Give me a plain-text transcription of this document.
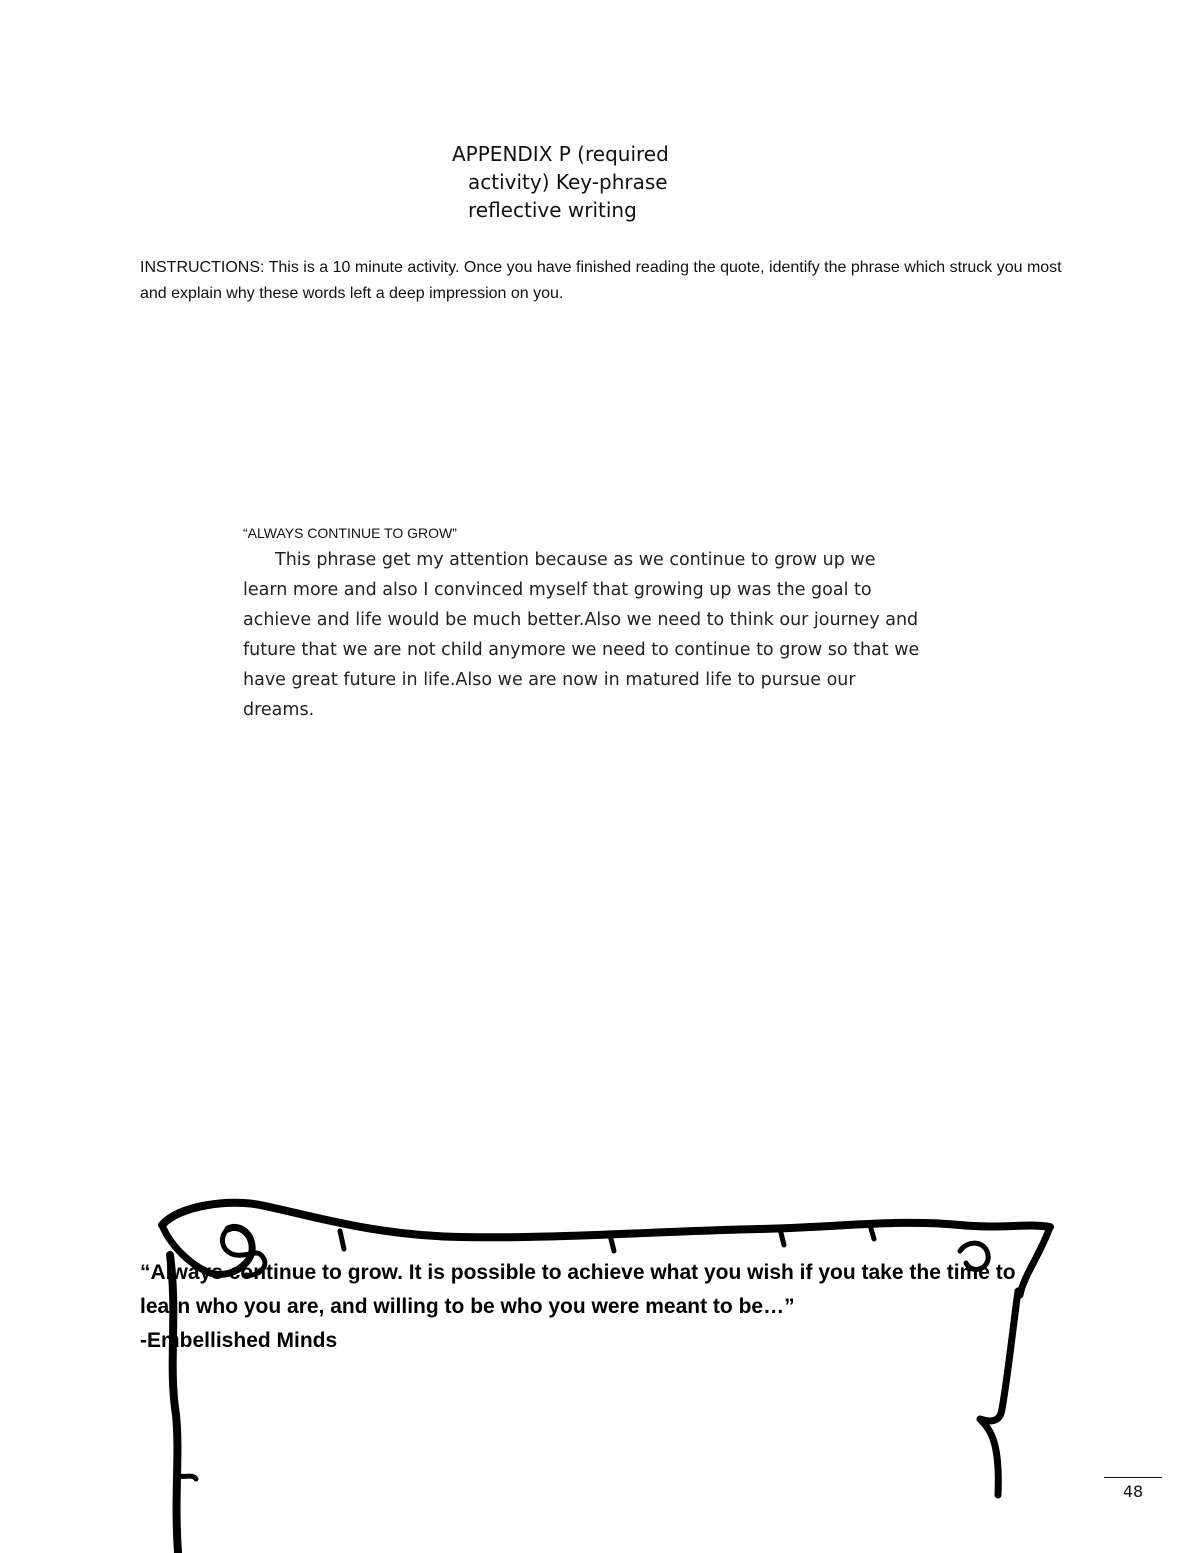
APPENDIX P (required
activity) Key-phrase
reflective writing
INSTRUCTIONS: This is a 10 minute activity. Once you have finished reading the quote, identify the phrase which struck you most and explain why these words left a deep impression on you.
“ALWAYS CONTINUE TO GROW”
This phrase get my attention because as we continue to grow up we learn more and also I convinced myself that growing up was the goal to achieve and life would be much better.Also we need to think our journey and future that we are not child anymore we need to continue to grow so that we have great future in life.Also we are now in matured life to pursue our dreams.
“Always continue to grow. It is possible to achieve what you wish if you take the time to learn who you are, and willing to be who you were meant to be…”
-Embellished Minds
48
